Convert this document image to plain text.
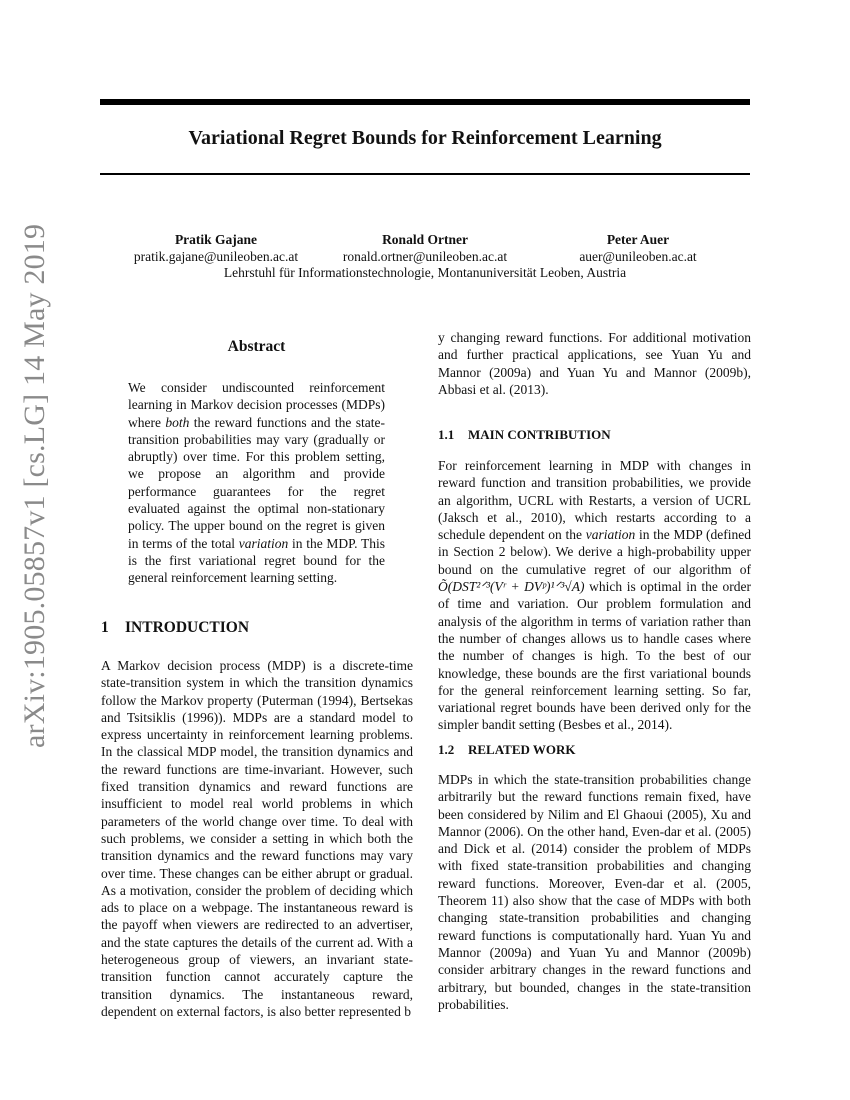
arXiv:1905.05857v1 [cs.LG] 14 May 2019
Variational Regret Bounds for Reinforcement Learning
Pratik Gajane
pratik.gajane@unileoben.ac.at
Ronald Ortner
ronald.ortner@unileoben.ac.at
Peter Auer
auer@unileoben.ac.at
Lehrstuhl für Informationstechnologie, Montanuniversität Leoben, Austria
Abstract
We consider undiscounted reinforcement learning in Markov decision processes (MDPs) where both the reward functions and the state-transition probabilities may vary (gradually or abruptly) over time. For this problem setting, we propose an algorithm and provide performance guarantees for the regret evaluated against the optimal non-stationary policy. The upper bound on the regret is given in terms of the total variation in the MDP. This is the first variational regret bound for the general reinforcement learning setting.
1 INTRODUCTION

A Markov decision process (MDP) is a discrete-time state-transition system in which the transition dynamics follow the Markov property (Puterman (1994), Bertsekas and Tsitsiklis (1996)). MDPs are a standard model to express uncertainty in reinforcement learning problems. In the classical MDP model, the transition dynamics and the reward functions are time-invariant. However, such fixed transition dynamics and reward functions are insufficient to model real world problems in which parameters of the world change over time. To deal with such problems, we consider a setting in which both the transition dynamics and the reward functions may vary over time. These changes can be either abrupt or gradual. As a motivation, consider the problem of deciding which ads to place on a webpage. The instantaneous reward is the payoff when viewers are redirected to an advertiser, and the state captures the details of the current ad. With a heterogeneous group of viewers, an invariant state-transition function cannot accurately capture the transition dynamics. The instantaneous reward, dependent on external factors, is also better represented b

y changing reward functions. For additional motivation and further practical applications, see Yuan Yu and Mannor (2009a) and Yuan Yu and Mannor (2009b), Abbasi et al. (2013).
1.1 MAIN CONTRIBUTION
For reinforcement learning in MDP with changes in reward function and transition probabilities, we provide an algorithm, UCRL with Restarts, a version of UCRL (Jaksch et al., 2010), which restarts according to a schedule dependent on the variation in the MDP (defined in Section 2 below). We derive a high-probability upper bound on the cumulative regret of our algorithm of Õ(DST²ᐟ³(Vʳ + DVᵖ)¹ᐟ³√A) which is optimal in the order of time and variation. Our problem formulation and analysis of the algorithm in terms of variation rather than the number of changes allows us to handle cases where the number of changes is high. To the best of our knowledge, these bounds are the first variational bounds for the general reinforcement learning setting. So far, variational regret bounds have been derived only for the simpler bandit setting (Besbes et al., 2014).
1.2 RELATED WORK
MDPs in which the state-transition probabilities change arbitrarily but the reward functions remain fixed, have been considered by Nilim and El Ghaoui (2005), Xu and Mannor (2006). On the other hand, Even-dar et al. (2005) and Dick et al. (2014) consider the problem of MDPs with fixed state-transition probabilities and changing reward functions. Moreover, Even-dar et al. (2005, Theorem 11) also show that the case of MDPs with both changing state-transition probabilities and changing reward functions is computationally hard. Yuan Yu and Mannor (2009a) and Yuan Yu and Mannor (2009b) consider arbitrary changes in the reward functions and arbitrary, but bounded, changes in the state-transition probabilities.
